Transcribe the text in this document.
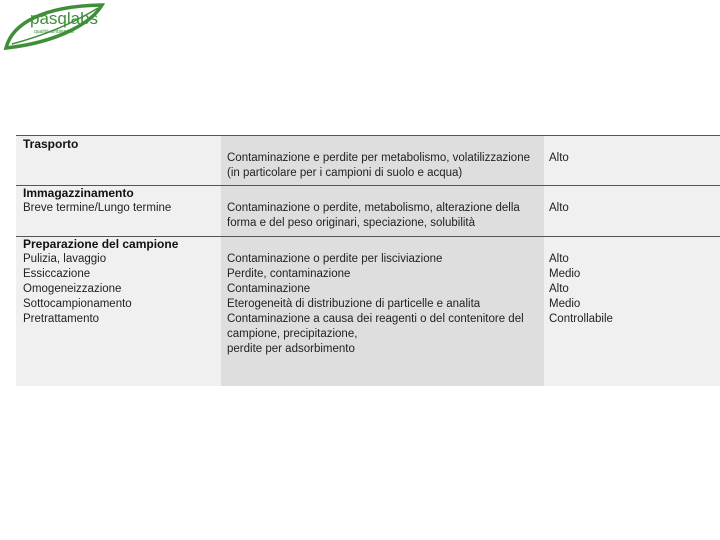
pasqlabs
qualità ambientale
Trasporto
Contaminazione e perdite per metabolismo, volatilizzazione
(in particolare per i campioni di suolo e acqua)
Alto
Immagazzinamento
Breve termine/Lungo termine	Contaminazione o perdite, metabolismo, alterazione della
forma e del peso originari, speciazione, solubilità
Alto
Preparazione del campione
Pulizia, lavaggio
Essiccazione
Omogeneizzazione
Sottocampionamento
Pretrattamento
Contaminazione o perdite per lisciviazione
Perdite, contaminazione
Contaminazione
Eterogeneità di distribuzione di particelle e analita
Contaminazione a causa dei reagenti o del contenitore del
campione, precipitazione,
perdite per adsorbimento
Alto
Medio
Alto
Medio
Controllabile
